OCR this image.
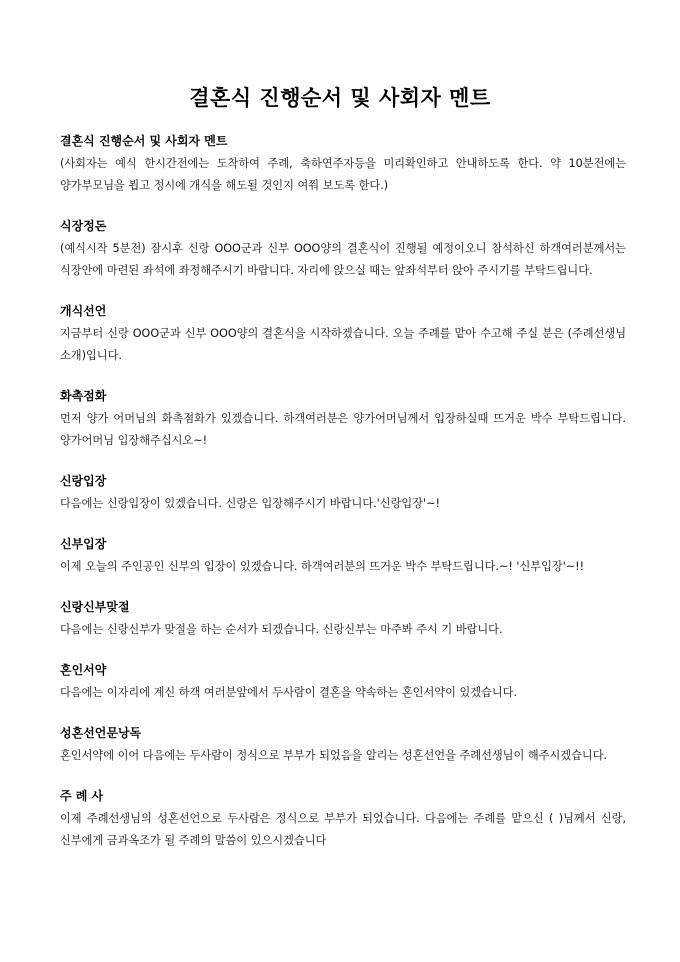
결혼식 진행순서 및 사회자 멘트
결혼식 진행순서 및 사회자 멘트
(사회자는 예식 한시간전에는 도착하여 주례, 축하연주자등을 미리확인하고 안내하도록 한다. 약 10분전에는 양가부모님을 뵙고 정시에 개식을 해도될 것인지 여쭤 보도록 한다.)
식장정돈
(예식시작 5분전) 잠시후 신랑 OOO군과 신부 OOO양의 결혼식이 진행될 예정이오니 참석하신 하객여러분께서는 식장안에 마련된 좌석에 좌정해주시기 바랍니다. 자리에 앉으실 때는 앞좌석부터 앉아 주시기를 부탁드립니다.
개식선언
지금부터 신랑 OOO군과 신부 OOO양의 결혼식을 시작하겠습니다. 오늘 주례를 맡아 수고해 주실 분은 (주례선생님 소개)입니다.
화촉점화
먼저 양가 어머님의 화촉점화가 있겠습니다. 하객여러분은 양가어머님께서 입장하실때 뜨거운 박수 부탁드립니다. 양가어머님 입장해주십시오~!
신랑입장
다음에는 신랑입장이 있겠습니다. 신랑은 입장해주시기 바랍니다.'신랑입장'~!
신부입장
이제 오늘의 주인공인 신부의 입장이 있겠습니다. 하객여러분의 뜨거운 박수 부탁드립니다.~! '신부입장'~!!
신랑신부맞절
다음에는 신랑신부가 맞절을 하는 순서가 되겠습니다. 신랑신부는 마주봐 주시 기 바랍니다.
혼인서약
다음에는 이자리에 계신 하객 여러분앞에서 두사람이 결혼을 약속하는 혼인서약이 있겠습니다.
성혼선언문낭독
혼인서약에 이어 다음에는 두사람이 정식으로 부부가 되었음을 알리는 성혼선언을 주례선생님이 해주시겠습니다.
주 례 사
이제 주례선생님의 성혼선언으로 두사람은 정식으로 부부가 되었습니다. 다음에는 주례를 맡으신 ( )님께서 신랑, 신부에게 금과옥조가 될 주례의 말씀이 있으시겠습니다
